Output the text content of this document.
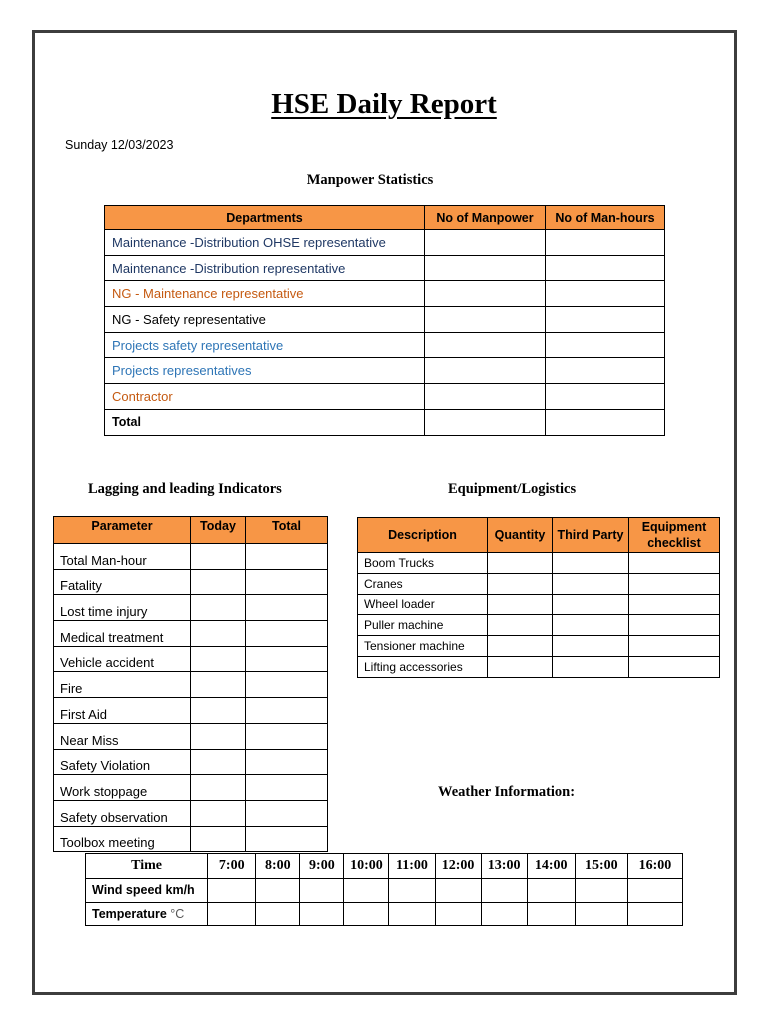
HSE Daily Report
Sunday 12/03/2023
Manpower Statistics
Departments	No of Manpower	No of Man-hours
Maintenance -Distribution OHSE representative		
Maintenance -Distribution representative		
NG - Maintenance representative		
NG - Safety representative		
Projects safety representative		
Projects representatives		
Contractor		
Total		
Lagging and leading Indicators
Parameter	Today	Total
Total Man-hour		
Fatality		
Lost time injury		
Medical treatment		
Vehicle accident		
Fire		
First Aid		
Near Miss		
Safety Violation		
Work stoppage		
Safety observation		
Toolbox meeting		
Equipment/Logistics
Description	Quantity	Third Party	Equipment checklist
Boom Trucks			
Cranes			
Wheel loader			
Puller machine			
Tensioner machine			
Lifting accessories			
Weather Information:
Time	7:00	8:00	9:00	10:00	11:00	12:00	13:00	14:00	15:00	16:00
Wind speed km/h										
Temperature °C										
